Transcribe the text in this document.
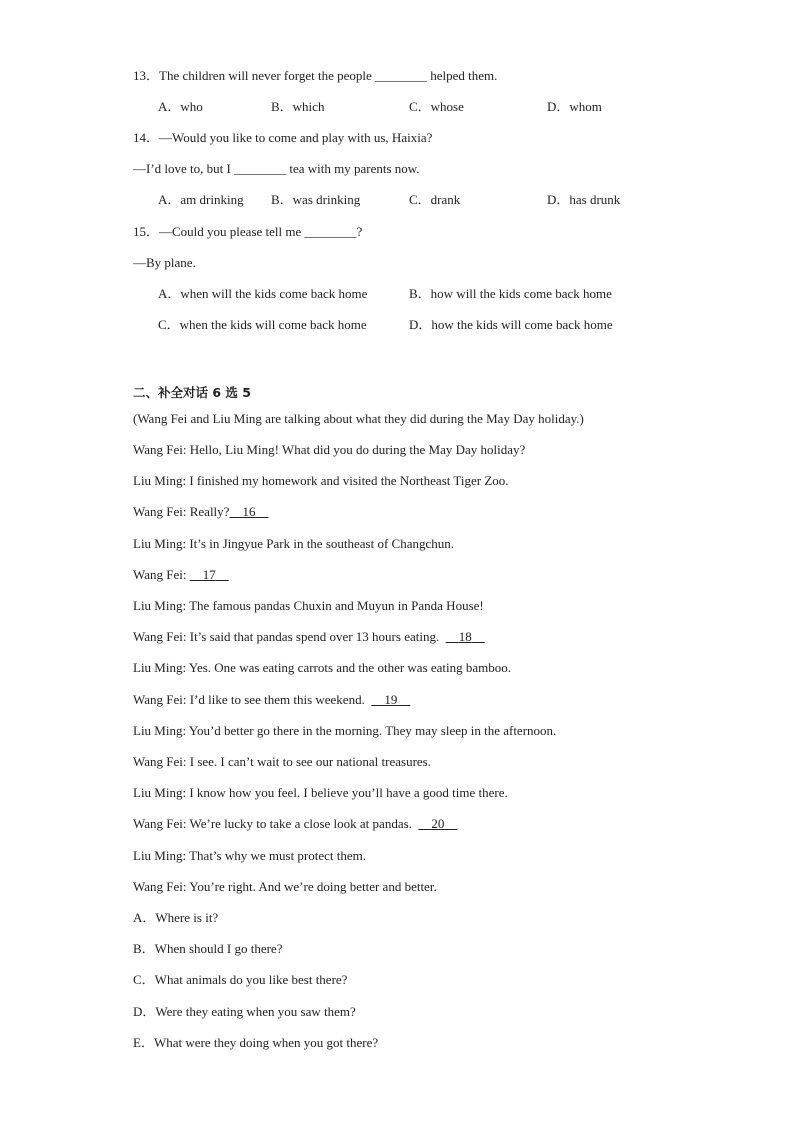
13．The children will never forget the people ________ helped them.
A．who	B．which	C．whose	D．whom
14．—Would you like to come and play with us, Haixia?
—I’d love to, but I ________ tea with my parents now.
A．am drinking B．was drinking	C．drank	D．has drunk
15．—Could you please tell me ________?
—By plane.
A．when will the kids come back home	B．how will the kids come back home
C．when the kids will come back home	D．how the kids will come back home
二、补全对话 6 选 5
(Wang Fei and Liu Ming are talking about what they did during the May Day holiday.)
Wang Fei: Hello, Liu Ming! What did you do during the May Day holiday?
Liu Ming: I finished my homework and visited the Northeast Tiger Zoo.
Wang Fei: Really? 16
Liu Ming: It’s in Jingyue Park in the southeast of Changchun.
Wang Fei: 17
Liu Ming: The famous pandas Chuxin and Muyun in Panda House!
Wang Fei: It’s said that pandas spend over 13 hours eating. 18
Liu Ming: Yes. One was eating carrots and the other was eating bamboo.
Wang Fei: I’d like to see them this weekend. 19
Liu Ming: You’d better go there in the morning. They may sleep in the afternoon.
Wang Fei: I see. I can’t wait to see our national treasures.
Liu Ming: I know how you feel. I believe you’ll have a good time there.
Wang Fei: We’re lucky to take a close look at pandas. 20
Liu Ming: That’s why we must protect them.
Wang Fei: You’re right. And we’re doing better and better.
A．Where is it?
B．When should I go there?
C．What animals do you like best there?
D．Were they eating when you saw them?
E．What were they doing when you got there?
